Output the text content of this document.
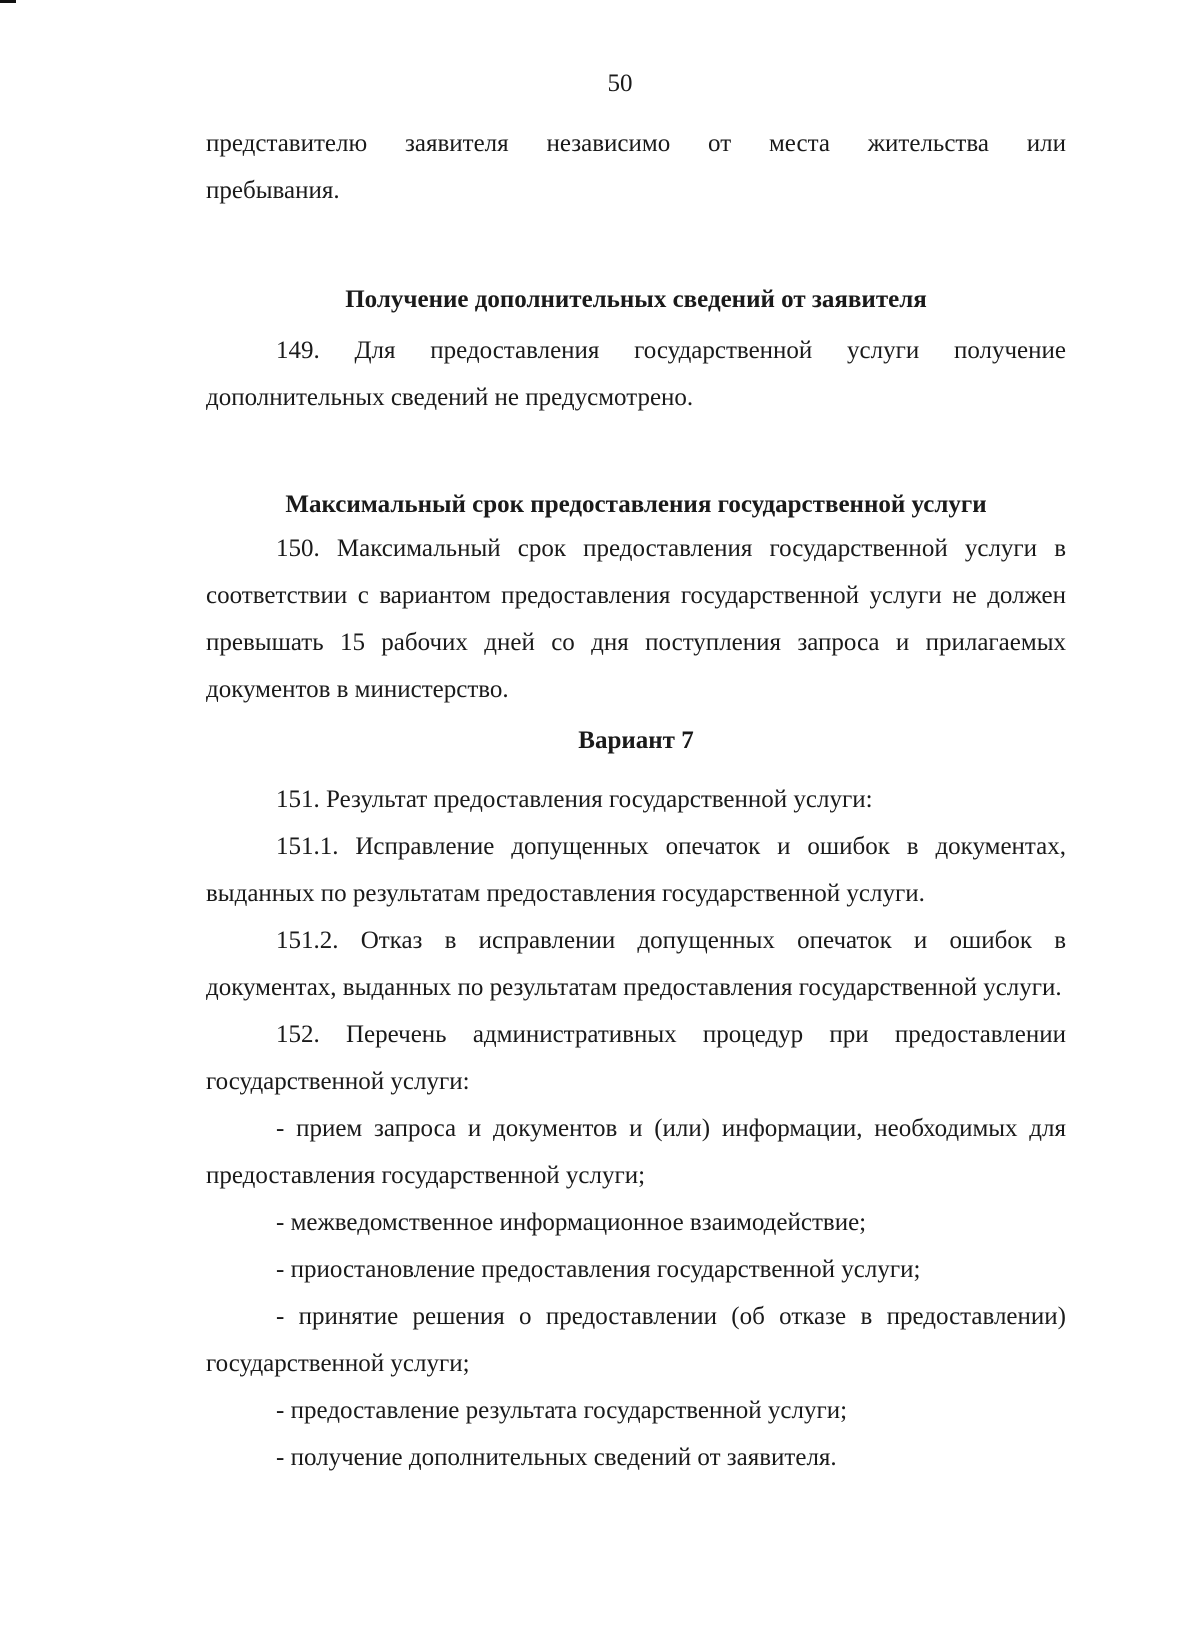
50

представителю заявителя независимо от места жительства или

пребывания.

Получение дополнительных сведений от заявителя

149. Для предоставления государственной услуги получение дополнительных сведений не предусмотрено.

Максимальный срок предоставления государственной услуги

150. Максимальный срок предоставления государственной услуги в соответствии с вариантом предоставления государственной услуги не должен превышать 15 рабочих дней со дня поступления запроса и прилагаемых документов в министерство.

Вариант 7

151. Результат предоставления государственной услуги:

151.1. Исправление допущенных опечаток и ошибок в документах, выданных по результатам предоставления государственной услуги.

151.2. Отказ в исправлении допущенных опечаток и ошибок в документах, выданных по результатам предоставления государственной услуги.

152. Перечень административных процедур при предоставлении государственной услуги:

- прием запроса и документов и (или) информации, необходимых для предоставления государственной услуги;

- межведомственное информационное взаимодействие;

- приостановление предоставления государственной услуги;

- принятие решения о предоставлении (об отказе в предоставлении) государственной услуги;

- предоставление результата государственной услуги;

- получение дополнительных сведений от заявителя.
